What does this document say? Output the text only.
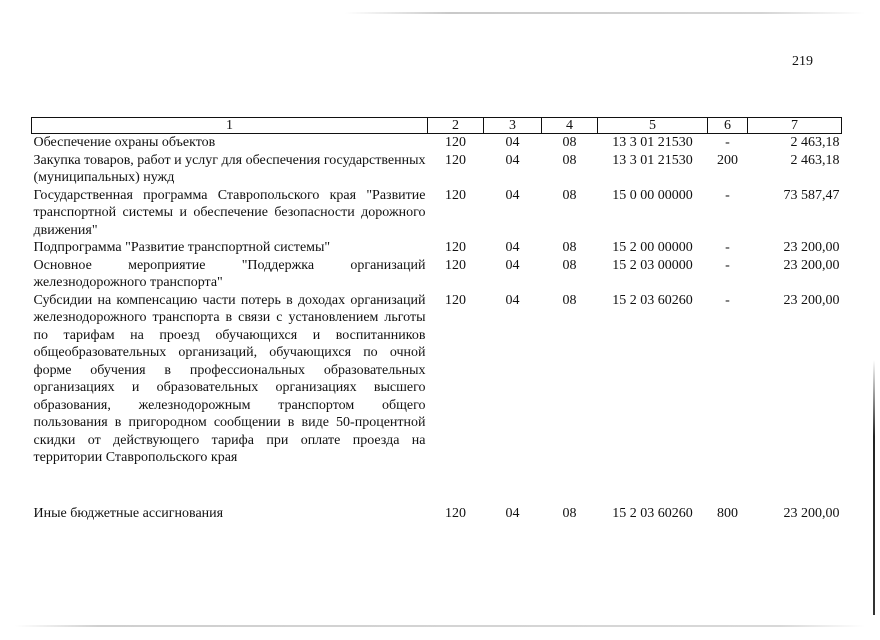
219
1	2	3	4	5	6	7
Обеспечение охраны объектов	120	04	08	13 3 01 21530	-	2 463,18
Закупка товаров, работ и услуг для обеспечения государственных (муниципальных) нужд	120	04	08	13 3 01 21530	200	2 463,18
Государственная программа Ставропольского края "Развитие транспортной системы и обеспечение безопасности дорожного движения"	120	04	08	15 0 00 00000	-	73 587,47
Подпрограмма "Развитие транспортной системы"	120	04	08	15 2 00 00000	-	23 200,00
Основное мероприятие "Поддержка организаций железнодорожного транспорта"	120	04	08	15 2 03 00000	-	23 200,00
Субсидии на компенсацию части потерь в доходах организаций железнодорожного транспорта в связи с установлением льготы по тарифам на проезд обучающихся и воспитанников общеобразовательных организаций, обучающихся по очной форме обучения в профессиональных образовательных организациях и образовательных организациях высшего образования, железнодорожным транспортом общего пользования в пригородном сообщении в виде 50-процентной скидки от действующего тарифа при оплате проезда на территории Ставропольского края	120	04	08	15 2 03 60260	-	23 200,00
Иные бюджетные ассигнования	120	04	08	15 2 03 60260	800	23 200,00
